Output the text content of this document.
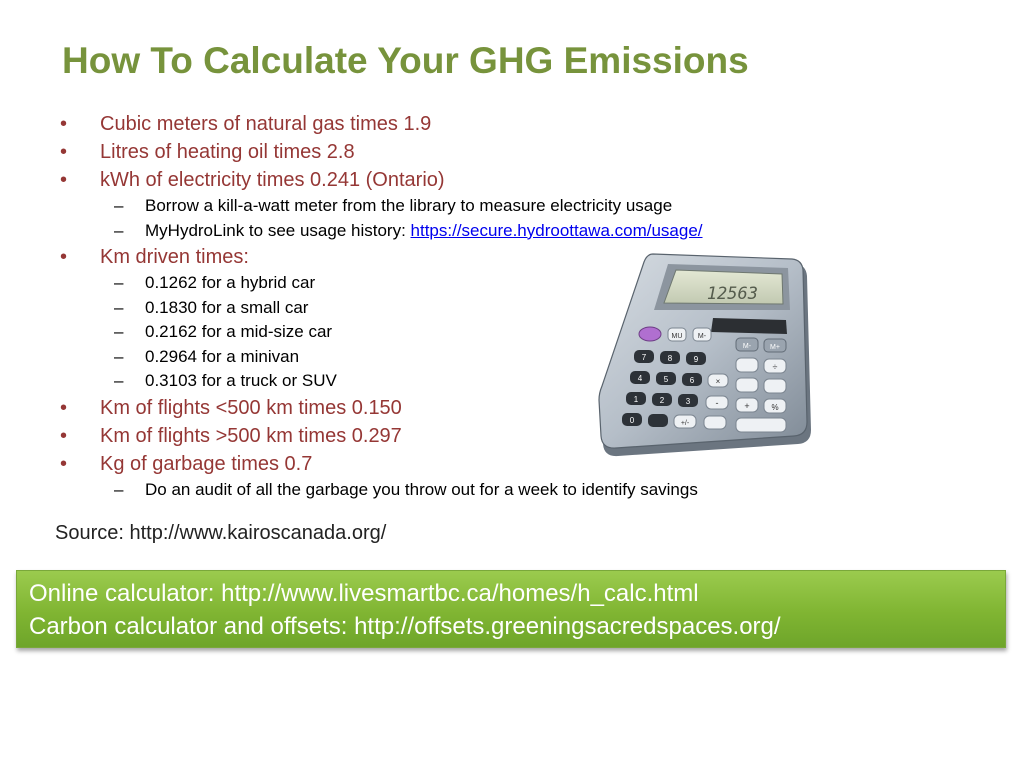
How To Calculate Your GHG Emissions
• Cubic meters of natural gas times 1.9
• Litres of heating oil times 2.8
• kWh of electricity times 0.241 (Ontario)
– Borrow a kill-a-watt meter from the library to measure electricity usage
– MyHydroLink to see usage history: https://secure.hydroottawa.com/usage/
• Km driven times:
– 0.1262 for a hybrid car
– 0.1830 for a small car
– 0.2162 for a mid-size car
– 0.2964 for a minivan
– 0.3103 for a truck or SUV
• Km of flights <500 km times 0.150
• Km of flights >500 km times 0.297
• Kg of garbage times 0.7
– Do an audit of all the garbage you throw out for a week to identify savings
12563
MU M-
M-	M+
7	8	9
÷
4	5	6	×
1	2	3	-	+	%
0	+/-
Source: http://www.kairoscanada.org/
Online calculator: http://www.livesmartbc.ca/homes/h_calc.html
Carbon calculator and offsets: http://offsets.greeningsacredspaces.org/
